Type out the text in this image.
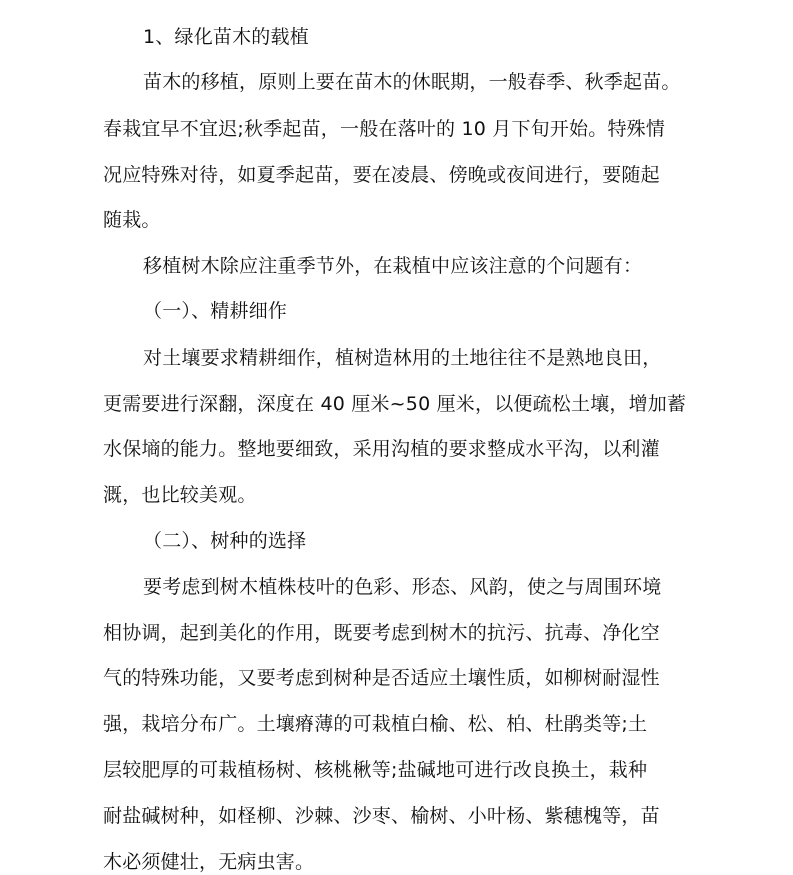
1、绿化苗木的载植
苗木的移植，原则上要在苗木的休眠期，一般春季、秋季起苗。
春栽宜早不宜迟;秋季起苗，一般在落叶的 10 月下旬开始。特殊情
况应特殊对待，如夏季起苗，要在凌晨、傍晚或夜间进行，要随起
随栽。
移植树木除应注重季节外，在栽植中应该注意的个问题有：
（一）、精耕细作
对土壤要求精耕细作，植树造林用的土地往往不是熟地良田，
更需要进行深翻，深度在 40 厘米~50 厘米，以便疏松土壤，增加蓄
水保墒的能力。整地要细致，采用沟植的要求整成水平沟，以利灌
溉，也比较美观。
（二）、树种的选择
要考虑到树木植株枝叶的色彩、形态、风韵，使之与周围环境
相协调，起到美化的作用，既要考虑到树木的抗污、抗毒、净化空
气的特殊功能，又要考虑到树种是否适应土壤性质，如柳树耐湿性
强，栽培分布广。土壤瘠薄的可栽植白榆、松、柏、杜鹃类等;土
层较肥厚的可栽植杨树、核桃楸等;盐碱地可进行改良换土，栽种
耐盐碱树种，如柽柳、沙棘、沙枣、榆树、小叶杨、紫穗槐等，苗
木必须健壮，无病虫害。
